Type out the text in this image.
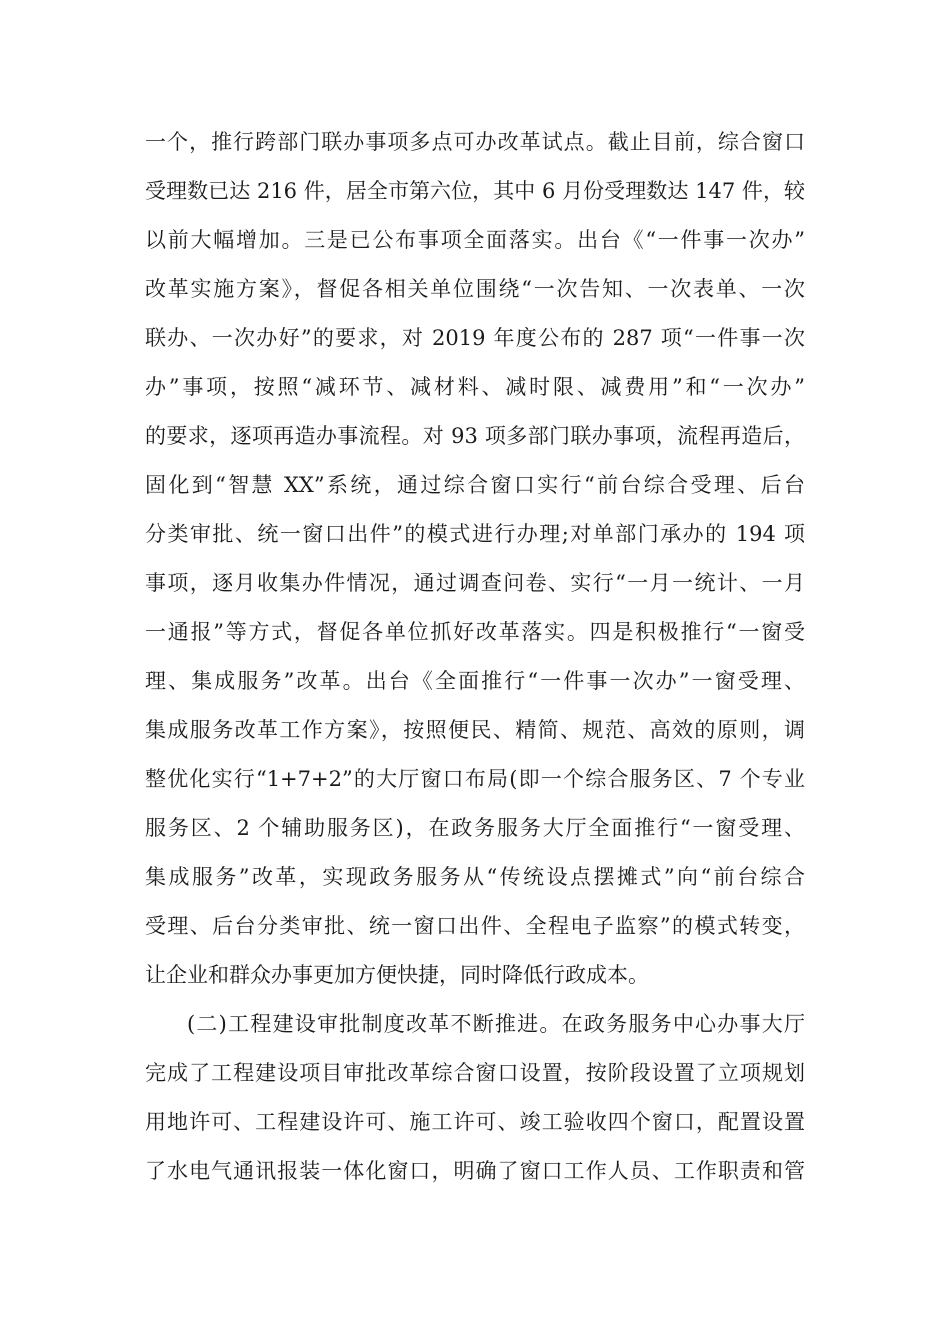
一个，推行跨部门联办事项多点可办改革试点。截止目前，综合窗口
受理数已达 216 件，居全市第六位，其中 6 月份受理数达 147 件，较
以前大幅增加。三是已公布事项全面落实。出台《“一件事一次办”
改革实施方案》，督促各相关单位围绕“一次告知、一次表单、一次
联办、一次办好”的要求，对 2019 年度公布的 287 项“一件事一次
办”事项，按照“减环节、减材料、减时限、减费用”和“一次办”
的要求，逐项再造办事流程。对 93 项多部门联办事项，流程再造后，
固化到“智慧 XX”系统，通过综合窗口实行“前台综合受理、后台
分类审批、统一窗口出件”的模式进行办理;对单部门承办的 194 项
事项，逐月收集办件情况，通过调查问卷、实行“一月一统计、一月
一通报”等方式，督促各单位抓好改革落实。四是积极推行“一窗受
理、集成服务”改革。出台《全面推行“一件事一次办”一窗受理、
集成服务改革工作方案》，按照便民、精简、规范、高效的原则，调
整优化实行“1+7+2”的大厅窗口布局(即一个综合服务区、7 个专业
服务区、2 个辅助服务区)，在政务服务大厅全面推行“一窗受理、
集成服务”改革，实现政务服务从“传统设点摆摊式”向“前台综合
受理、后台分类审批、统一窗口出件、全程电子监察”的模式转变，
让企业和群众办事更加方便快捷，同时降低行政成本。
(二)工程建设审批制度改革不断推进。在政务服务中心办事大厅
完成了工程建设项目审批改革综合窗口设置，按阶段设置了立项规划
用地许可、工程建设许可、施工许可、竣工验收四个窗口，配置设置
了水电气通讯报装一体化窗口，明确了窗口工作人员、工作职责和管
